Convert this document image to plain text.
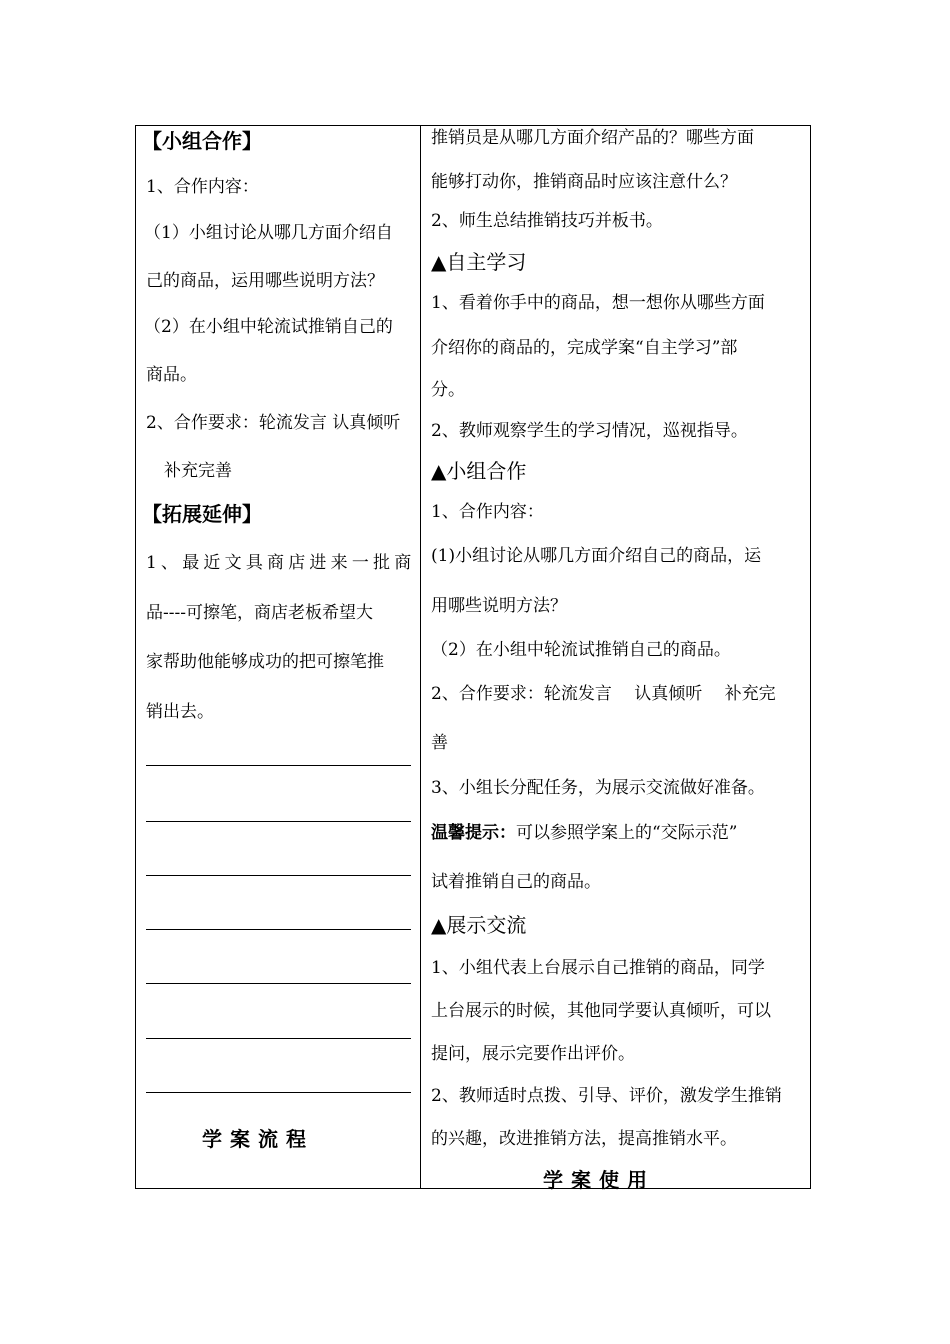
【小组合作】
1、合作内容：
（1）小组讨论从哪几方面介绍自
己的商品，运用哪些说明方法？
（2）在小组中轮流试推销自己的
商品。
2、合作要求：轮流发言 认真倾听
补充完善
【拓展延伸】
1、最近文具商店进来一批商
品----可擦笔，商店老板希望大
家帮助他能够成功的把可擦笔推
销出去。
学案流程
推销员是从哪几方面介绍产品的？哪些方面
能够打动你，推销商品时应该注意什么？
2、师生总结推销技巧并板书。
▲自主学习
1、看着你手中的商品，想一想你从哪些方面
介绍你的商品的，完成学案“自主学习”部
分。
2、教师观察学生的学习情况，巡视指导。
▲小组合作
1、合作内容：
(1)小组讨论从哪几方面介绍自己的商品，运
用哪些说明方法？
（2）在小组中轮流试推销自己的商品。
2、合作要求：轮流发言　 认真倾听　 补充完
善
3、小组长分配任务，为展示交流做好准备。
温馨提示：可以参照学案上的“交际示范”
试着推销自己的商品。
▲展示交流
1、小组代表上台展示自己推销的商品，同学
上台展示的时候，其他同学要认真倾听，可以
提问，展示完要作出评价。
2、教师适时点拨、引导、评价，激发学生推销
的兴趣，改进推销方法，提高推销水平。
学案使用
